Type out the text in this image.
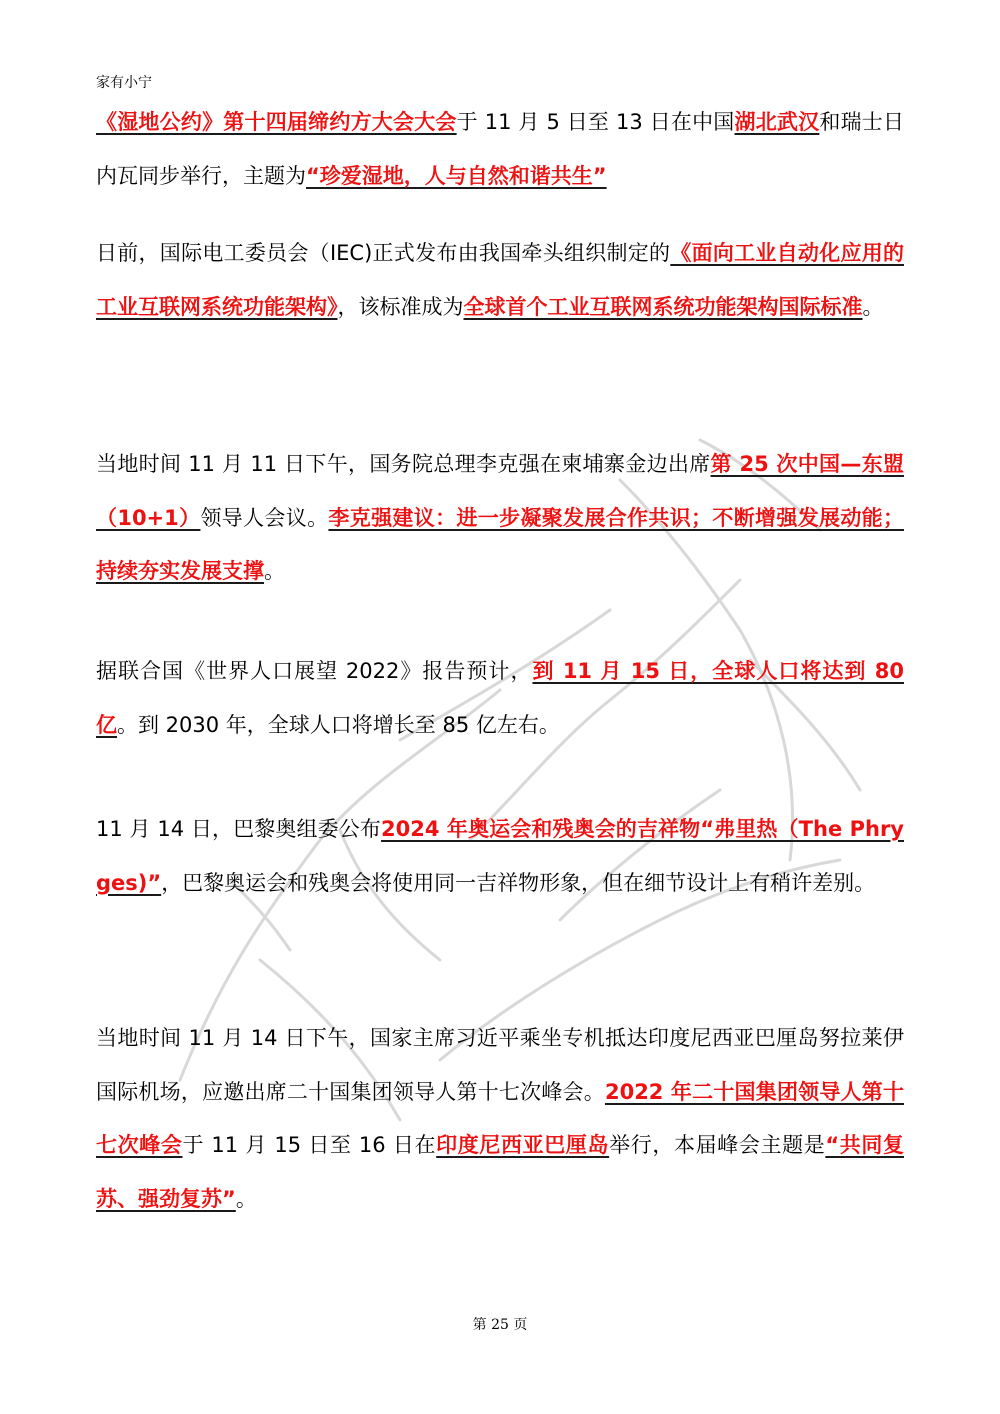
家有小宁

《湿地公约》第十四届缔约方大会大会于 11 月 5 日至 13 日在中国湖北武汉和瑞士日内瓦同步举行，主题为“珍爱湿地，人与自然和谐共生”

日前，国际电工委员会（IEC)正式发布由我国牵头组织制定的《面向工业自动化应用的工业互联网系统功能架构》，该标准成为全球首个工业互联网系统功能架构国际标准。

当地时间 11 月 11 日下午，国务院总理李克强在柬埔寨金边出席第 25 次中国—东盟（10+1）领导人会议。李克强建议：进一步凝聚发展合作共识；不断增强发展动能；持续夯实发展支撑。

据联合国《世界人口展望 2022》报告预计，到 11 月 15 日，全球人口将达到 80 亿。到 2030 年，全球人口将增长至 85 亿左右。

11 月 14 日，巴黎奥组委公布2024 年奥运会和残奥会的吉祥物“弗里热（The Phryges)”，巴黎奥运会和残奥会将使用同一吉祥物形象，但在细节设计上有稍许差别。

当地时间 11 月 14 日下午，国家主席习近平乘坐专机抵达印度尼西亚巴厘岛努拉莱伊国际机场，应邀出席二十国集团领导人第十七次峰会。2022 年二十国集团领导人第十七次峰会于 11 月 15 日至 16 日在印度尼西亚巴厘岛举行，本届峰会主题是“共同复苏、强劲复苏”。

第 25 页
